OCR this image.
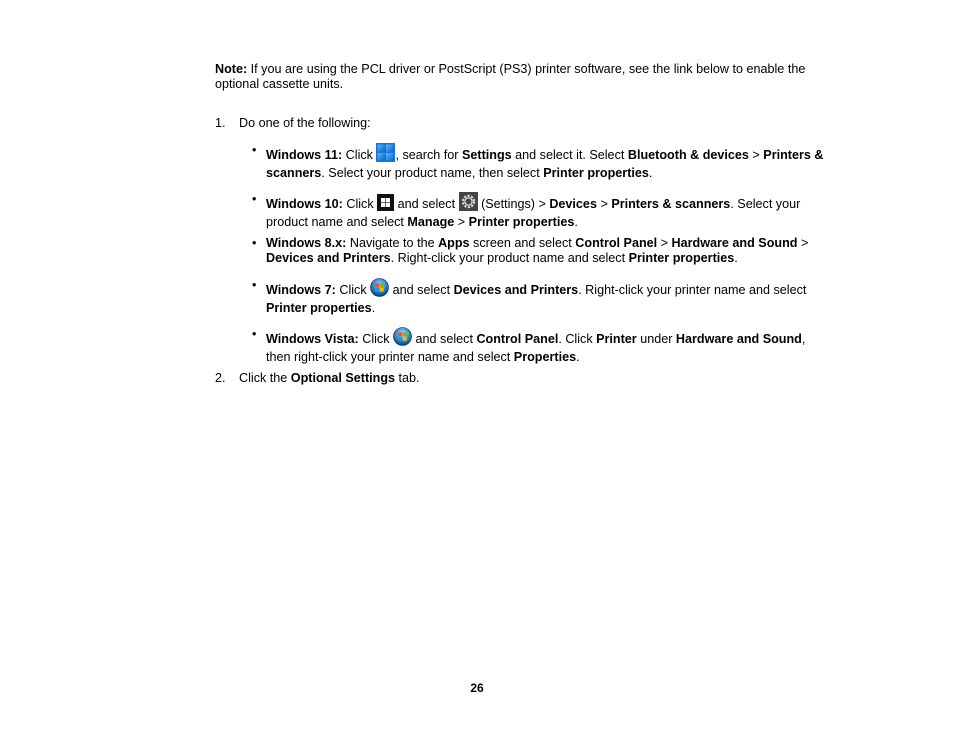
Note: If you are using the PCL driver or PostScript (PS3) printer software, see the link below to enable the optional cassette units.

1. Do one of the following:
• Windows 11: Click , search for Settings and select it. Select Bluetooth & devices > Printers & scanners. Select your product name, then select Printer properties.
• Windows 10: Click  and select  (Settings) > Devices > Printers & scanners. Select your product name and select Manage > Printer properties.
• Windows 8.x: Navigate to the Apps screen and select Control Panel > Hardware and Sound > Devices and Printers. Right-click your product name and select Printer properties.
• Windows 7: Click  and select Devices and Printers. Right-click your printer name and select Printer properties.
• Windows Vista: Click  and select Control Panel. Click Printer under Hardware and Sound, then right-click your printer name and select Properties.
2. Click the Optional Settings tab.
26
